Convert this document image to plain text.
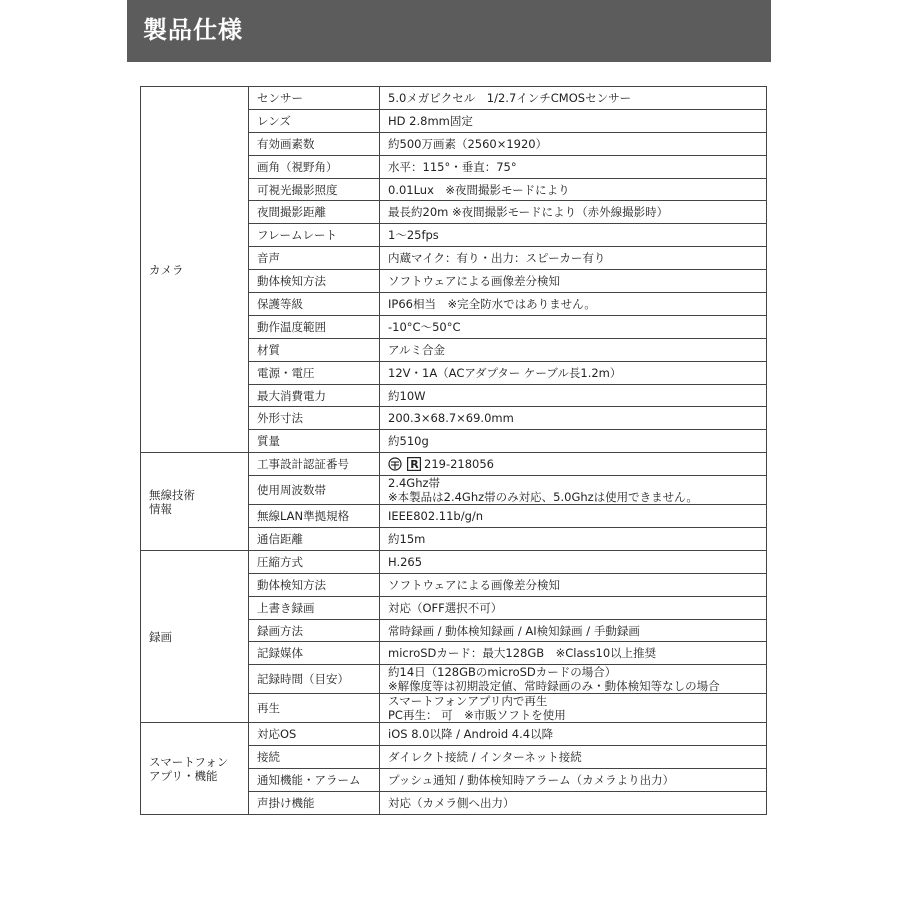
製品仕様
カメラ	センサー	5.0メガピクセル　1/2.7インチCMOSセンサー

	レンズ	HD 2.8mm固定

	有効画素数	約500万画素（2560×1920）

	画角（視野角）	水平：115°・垂直：75°

	可視光撮影照度	0.01Lux　※夜間撮影モードにより

	夜間撮影距離	最長約20m ※夜間撮影モードにより（赤外線撮影時）

	フレームレート	1～25fps

	音声	内蔵マイク：有り・出力：スピーカー有り

	動体検知方法	ソフトウェアによる画像差分検知

	保護等級	IP66相当　※完全防水ではありません。

	動作温度範囲	-10°C～50°C

	材質	アルミ合金

	電源・電圧	12V・1A（ACアダプター ケーブル長1.2m）

	最大消費電力	約10W

	外形寸法	200.3×68.7×69.0mm

	質量	約510g

無線技術
情報	工事設計認証番号	R 219-218056

	使用周波数帯	2.4Ghz帯
※本製品は2.4Ghz帯のみ対応、5.0Ghzは使用できません。

	無線LAN準拠規格	IEEE802.11b/g/n

	通信距離	約15m

録画	圧縮方式	H.265

	動体検知方法	ソフトウェアによる画像差分検知

	上書き録画	対応（OFF選択不可）

	録画方法	常時録画 / 動体検知録画 / AI検知録画 / 手動録画

	記録媒体	microSDカード：最大128GB　※Class10以上推奨

	記録時間（目安）	約14日（128GBのmicroSDカードの場合）
※解像度等は初期設定値、常時録画のみ・動体検知等なしの場合

	再生	スマートフォンアプリ内で再生
PC再生： 可　※市販ソフトを使用

スマートフォン
アプリ・機能	対応OS	iOS 8.0以降 / Android 4.4以降

	接続	ダイレクト接続 / インターネット接続

	通知機能・アラーム	プッシュ通知 / 動体検知時アラーム（カメラより出力）

	声掛け機能	対応（カメラ側へ出力）
